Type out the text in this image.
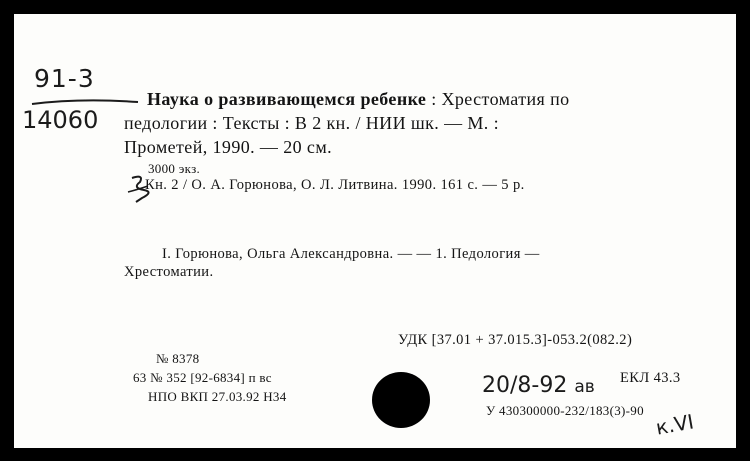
91-3
14060
Наука о развивающемся ребенке : Хрестоматия по
педологии : Тексты : В 2 кн. / НИИ шк. — М. :
Прометей, 1990. — 20 см.
3000 экз.
Кн. 2 / О. А. Горюнова, О. Л. Литвина. 1990. 161 с. — 5 р.
I. Горюнова, Ольга Александровна. — — 1. Педология —
Хрестоматии.
УДК [37.01 + 37.015.3]-053.2(082.2)
№ 8378
63 № 352 [92-6834] п вс
НПО ВКП 27.03.92 Н34	20/8-92 ав ЕКЛ 43.3
У 430300000-232/183(3)-90 к.VI
